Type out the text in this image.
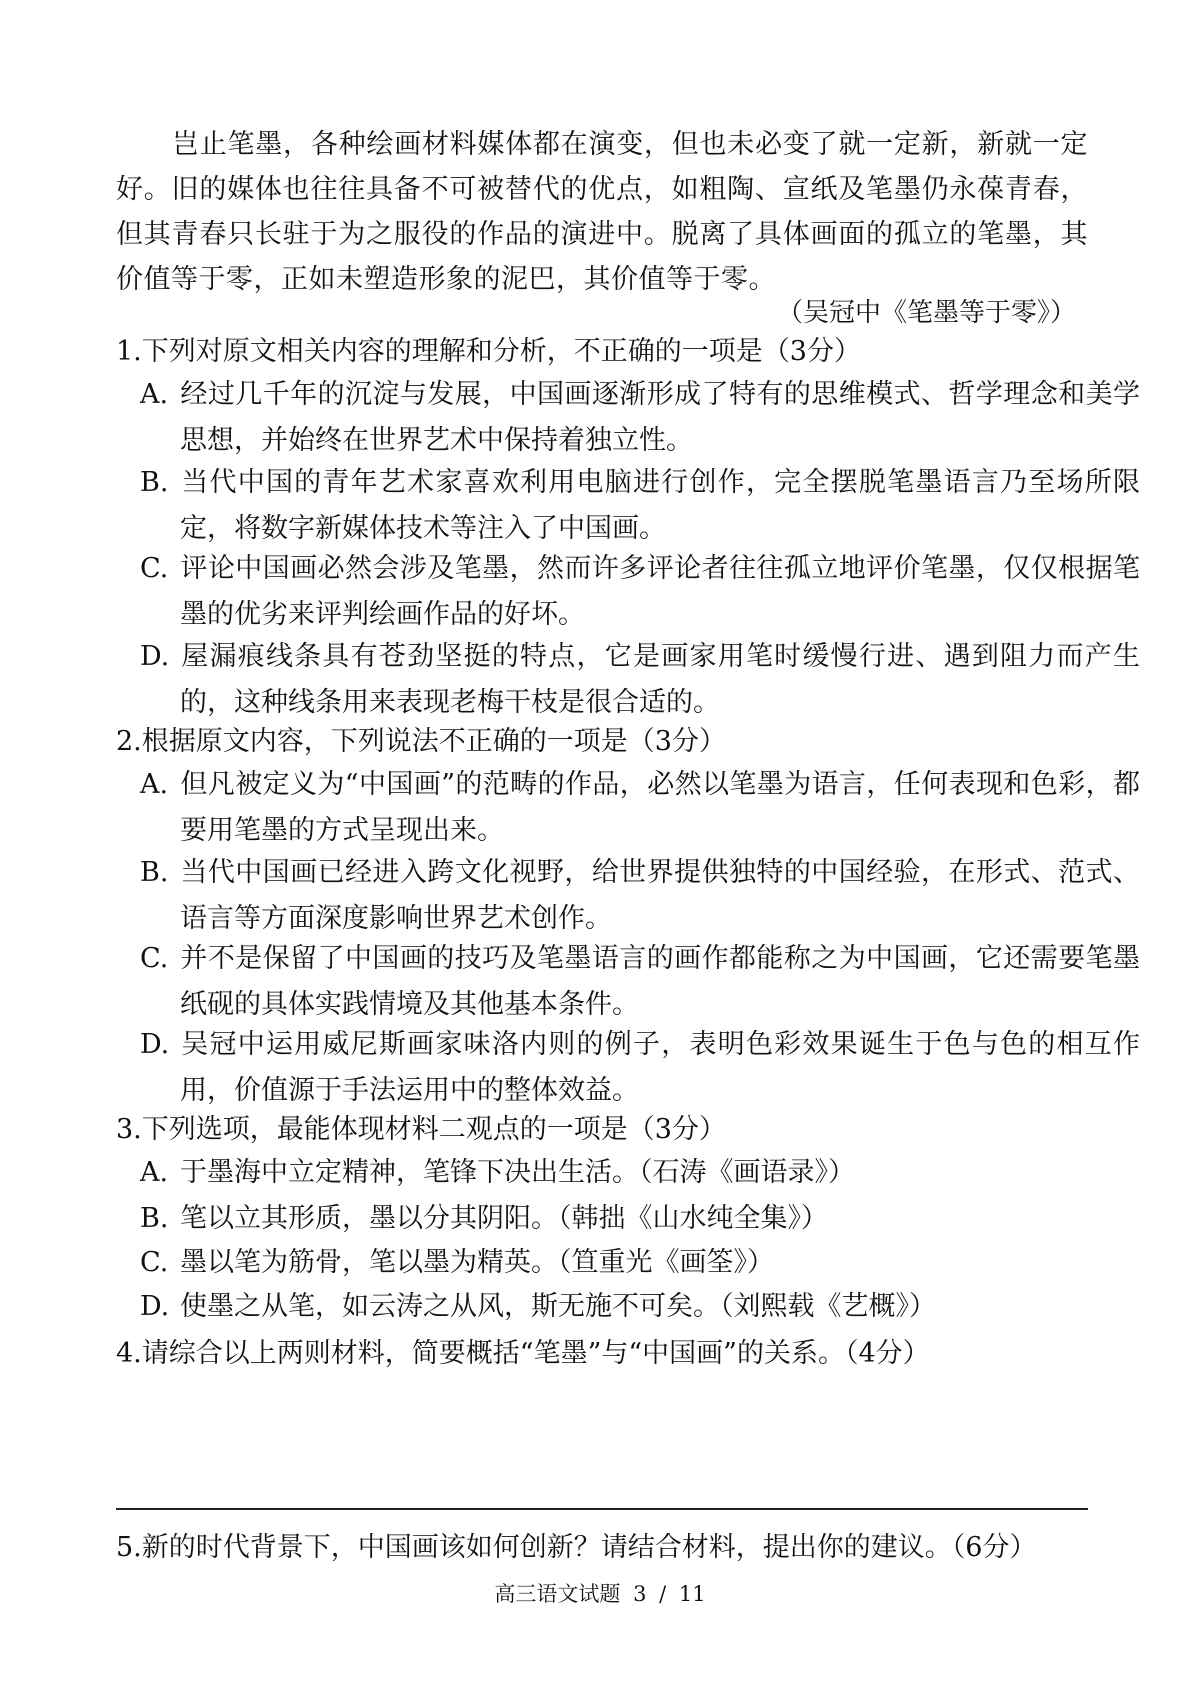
岂止笔墨，各种绘画材料媒体都在演变，但也未必变了就一定新，新就一定好。旧的媒体也往往具备不可被替代的优点，如粗陶、宣纸及笔墨仍永葆青春，但其青春只长驻于为之服役的作品的演进中。脱离了具体画面的孤立的笔墨，其价值等于零，正如未塑造形象的泥巴，其价值等于零。
（吴冠中《笔墨等于零》）
1.下列对原文相关内容的理解和分析，不正确的一项是（3分）
A. 经过几千年的沉淀与发展，中国画逐渐形成了特有的思维模式、哲学理念和美学思想，并始终在世界艺术中保持着独立性。
B. 当代中国的青年艺术家喜欢利用电脑进行创作，完全摆脱笔墨语言乃至场所限定，将数字新媒体技术等注入了中国画。
C. 评论中国画必然会涉及笔墨，然而许多评论者往往孤立地评价笔墨，仅仅根据笔墨的优劣来评判绘画作品的好坏。
D. 屋漏痕线条具有苍劲坚挺的特点，它是画家用笔时缓慢行进、遇到阻力而产生的，这种线条用来表现老梅干枝是很合适的。
2.根据原文内容，下列说法不正确的一项是（3分）
A. 但凡被定义为“中国画”的范畴的作品，必然以笔墨为语言，任何表现和色彩，都要用笔墨的方式呈现出来。
B. 当代中国画已经进入跨文化视野，给世界提供独特的中国经验，在形式、范式、语言等方面深度影响世界艺术创作。
C. 并不是保留了中国画的技巧及笔墨语言的画作都能称之为中国画，它还需要笔墨纸砚的具体实践情境及其他基本条件。
D. 吴冠中运用威尼斯画家味洛内则的例子，表明色彩效果诞生于色与色的相互作用，价值源于手法运用中的整体效益。
3.下列选项，最能体现材料二观点的一项是（3分）
A. 于墨海中立定精神，笔锋下决出生活。（石涛《画语录》）
B. 笔以立其形质，墨以分其阴阳。（韩拙《山水纯全集》）
C. 墨以笔为筋骨，笔以墨为精英。（笪重光《画筌》）
D. 使墨之从笔，如云涛之从风，斯无施不可矣。（刘熙载《艺概》）
4.请综合以上两则材料，简要概括“笔墨”与“中国画”的关系。（4分）
5.新的时代背景下，中国画该如何创新？请结合材料，提出你的建议。（6分）
高三语文试题 3 / 11
